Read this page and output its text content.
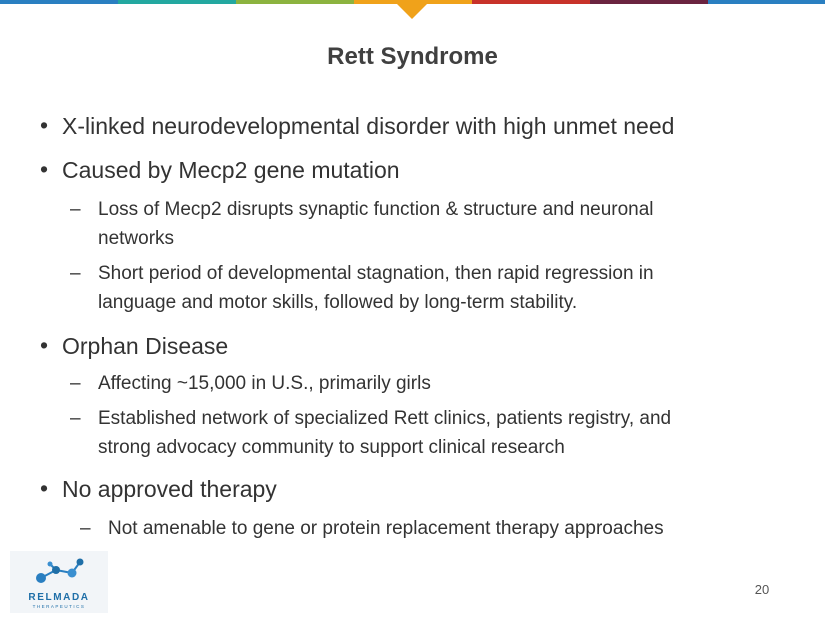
Rett Syndrome
• X-linked neurodevelopmental disorder with high unmet need
• Caused by Mecp2 gene mutation
– Loss of Mecp2 disrupts synaptic function & structure and neuronal
networks
– Short period of developmental stagnation, then rapid regression in
language and motor skills, followed by long-term stability.
• Orphan Disease
– Affecting ~15,000 in U.S., primarily girls
– Established network of specialized Rett clinics, patients registry, and
strong advocacy community to support clinical research
• No approved therapy
– Not amenable to gene or protein replacement therapy approaches
RELMADA
THERAPEUTICS
20
